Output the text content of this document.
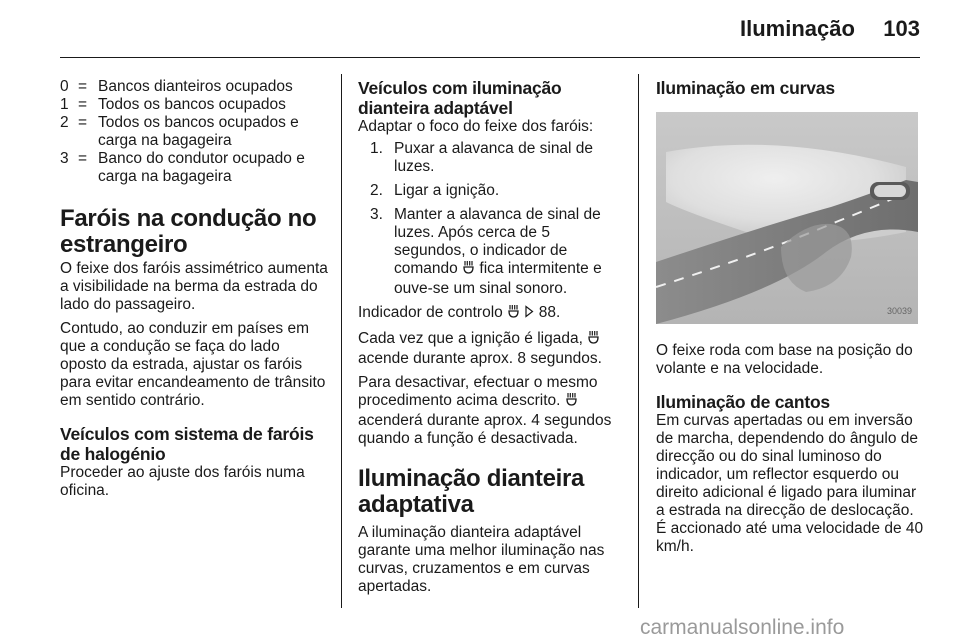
Iluminação 103
0 = Bancos dianteiros ocupados
1 = Todos os bancos ocupados
2 = Todos os bancos ocupados e carga na bagageira
3 = Banco do condutor ocupado e carga na bagageira
Faróis na condução no estrangeiro

O feixe dos faróis assimétrico aumenta a visibilidade na berma da estrada do lado do passageiro.

Contudo, ao conduzir em países em que a condução se faça do lado oposto da estrada, ajustar os faróis para evitar encandeamento de trânsito em sentido contrário.

Veículos com sistema de faróis de halogénio

Proceder ao ajuste dos faróis numa oficina.

Veículos com iluminação dianteira adaptável

Adaptar o foco do feixe dos faróis:

1. Puxar a alavanca de sinal de luzes.
2. Ligar a ignição.
3. Manter a alavanca de sinal de luzes. Após cerca de 5 segundos, o indicador de comando fica intermitente e ouve-se um sinal sonoro.

Indicador de controlo 88.

Cada vez que a ignição é ligada,  acende durante aprox. 8 segundos.

Para desactivar, efectuar o mesmo procedimento acima descrito.  acenderá durante aprox. 4 segundos quando a função é desactivada.

Iluminação dianteira adaptativa

A iluminação dianteira adaptável garante uma melhor iluminação nas curvas, cruzamentos e em curvas apertadas.

Iluminação em curvas
30039

O feixe roda com base na posição do volante e na velocidade.

Iluminação de cantos

Em curvas apertadas ou em inversão de marcha, dependendo do ângulo de direcção ou do sinal luminoso do indicador, um reflector esquerdo ou direito adicional é ligado para iluminar a estrada na direcção de deslocação. É accionado até uma velocidade de 40 km/h.

carmanualsonline.info
